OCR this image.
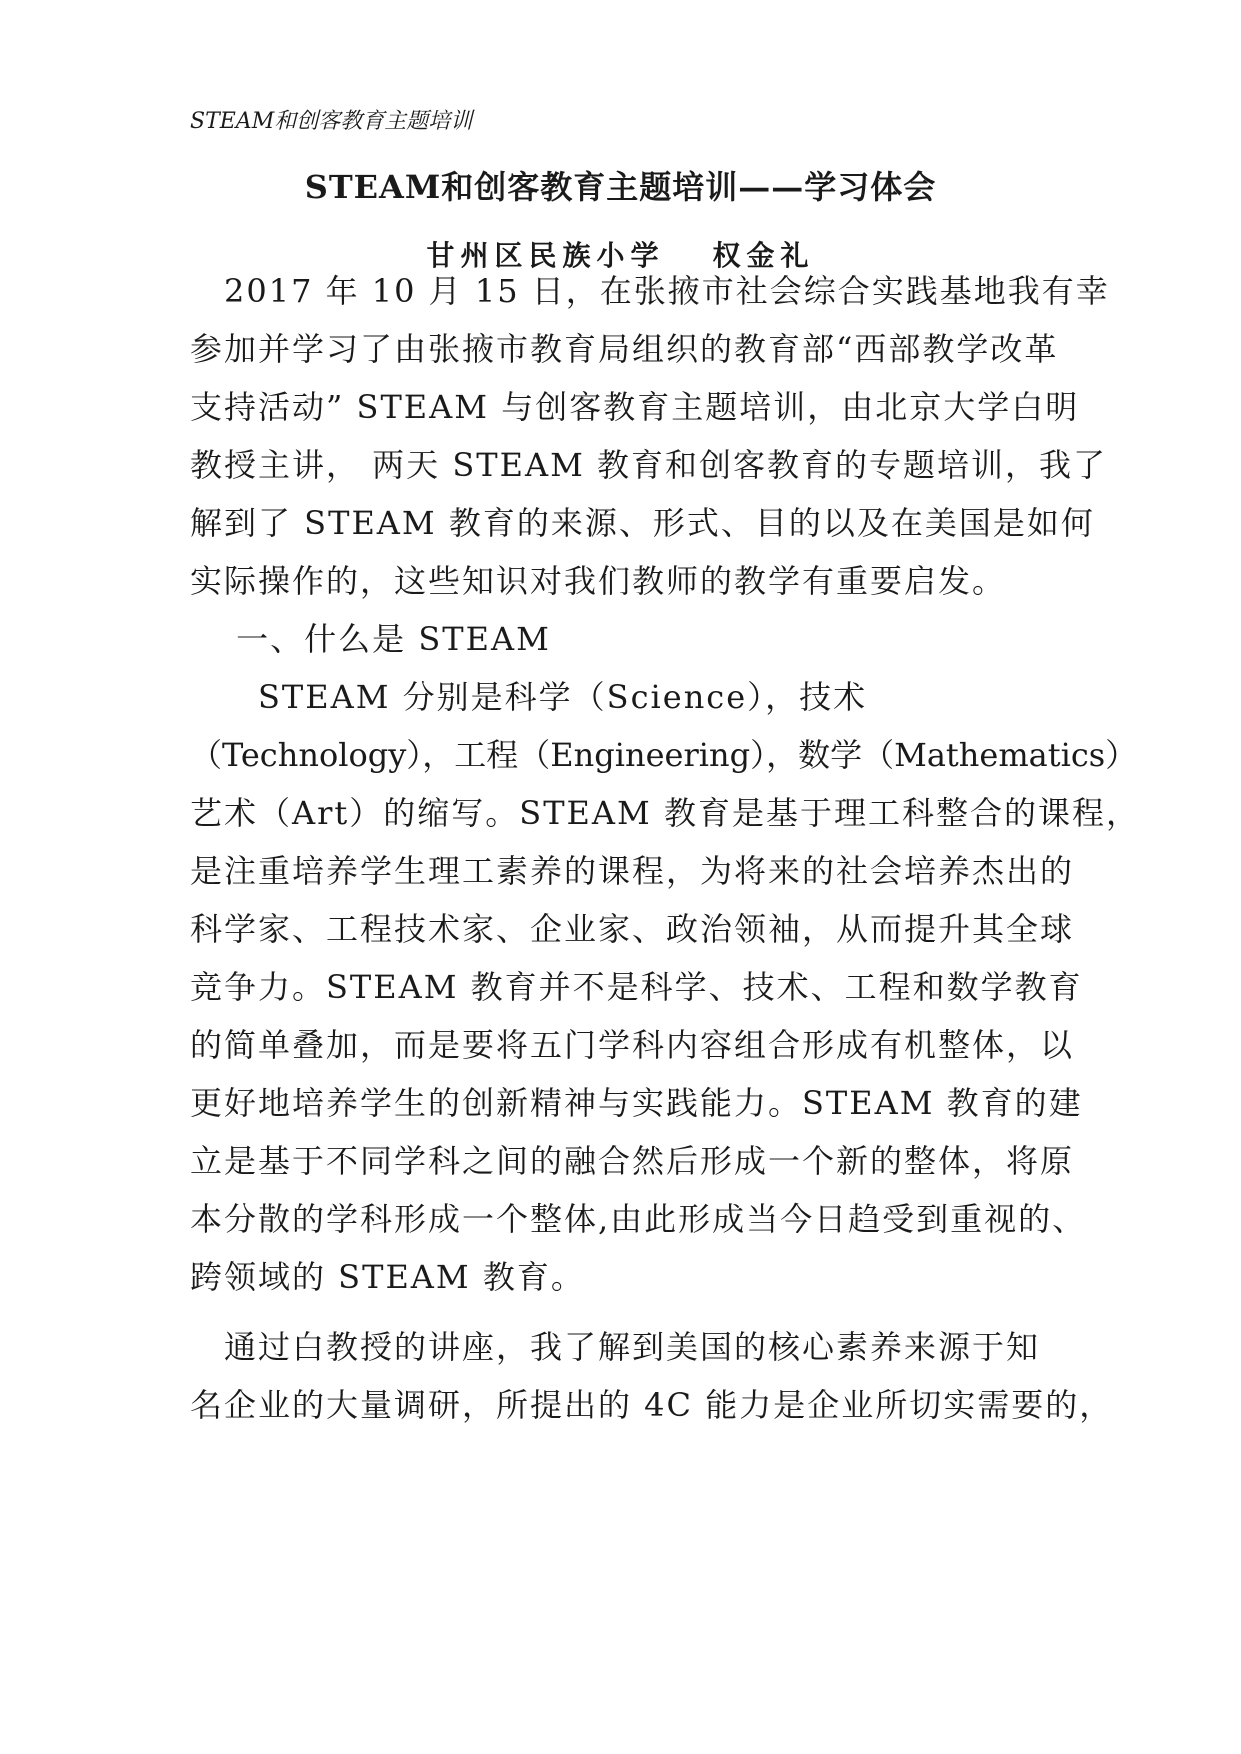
STEAM和创客教育主题培训
STEAM和创客教育主题培训——学习体会
甘州区民族小学 权金礼
　2017 年 10 月 15 日，在张掖市社会综合实践基地我有幸
参加并学习了由张掖市教育局组织的教育部“西部教学改革
支持活动” STEAM 与创客教育主题培训，由北京大学白明
教授主讲， 两天 STEAM 教育和创客教育的专题培训，我了
解到了 STEAM 教育的来源、形式、目的以及在美国是如何
实际操作的，这些知识对我们教师的教学有重要启发。
　 一、什么是 STEAM
　　STEAM 分别是科学（Science），技术
（Technology），工程（Engineering），数学（Mathematics）
艺术（Art）的缩写。STEAM 教育是基于理工科整合的课程，
是注重培养学生理工素养的课程，为将来的社会培养杰出的
科学家、工程技术家、企业家、政治领袖，从而提升其全球
竞争力。STEAM 教育并不是科学、技术、工程和数学教育
的简单叠加，而是要将五门学科内容组合形成有机整体，以
更好地培养学生的创新精神与实践能力。STEAM 教育的建
立是基于不同学科之间的融合然后形成一个新的整体，将原
本分散的学科形成一个整体,由此形成当今日趋受到重视的、
跨领域的 STEAM 教育。
　通过白教授的讲座，我了解到美国的核心素养来源于知
名企业的大量调研，所提出的 4C 能力是企业所切实需要的，
